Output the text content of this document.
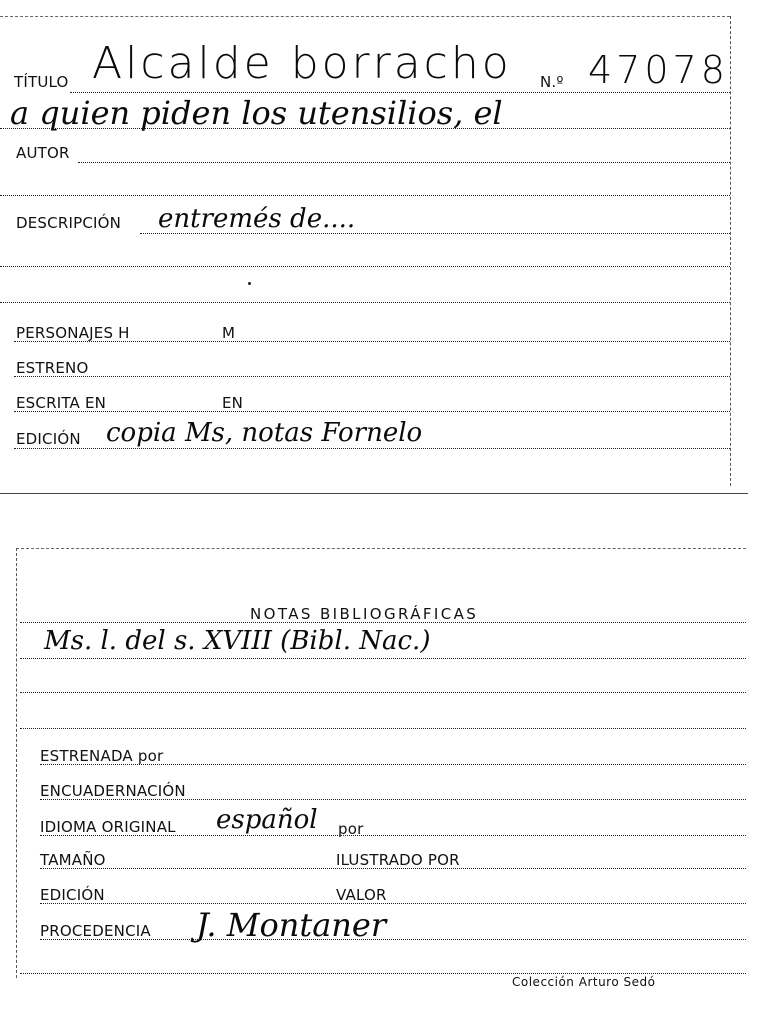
TÍTULO Alcalde borracho N.º 47078
a quien piden los utensilios, el
AUTOR
DESCRIPCIÓN entremés de....
PERSONAJES H	M
ESTRENO
ESCRITA EN	EN
EDICIÓN copia Ms, notas Fornelo
NOTAS BIBLIOGRÁFICAS
Ms. l. del s. XVIII (Bibl. Nac.)
ESTRENADA por
ENCUADERNACIÓN
IDIOMA ORIGINAL español por
TAMAÑO	ILUSTRADO POR
EDICIÓN	VALOR
PROCEDENCIA J. Montaner
Colección Arturo Sedó
